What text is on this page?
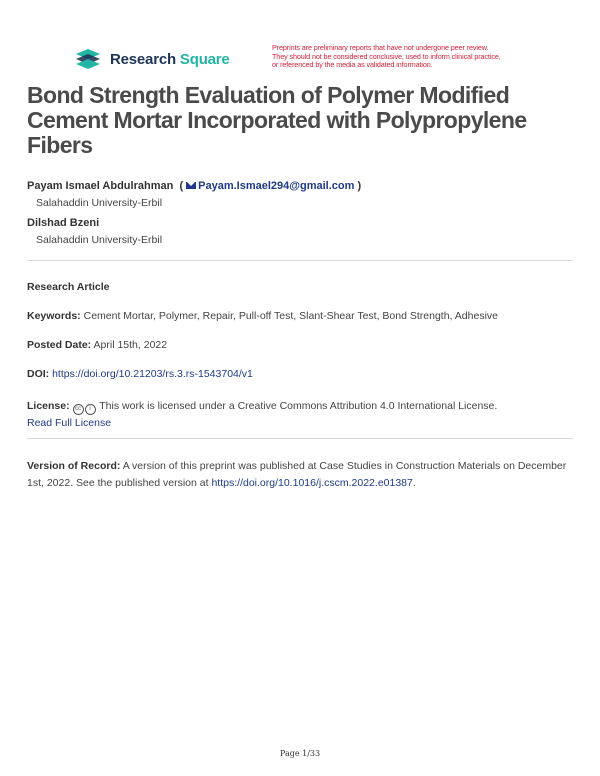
Research Square
Preprints are preliminary reports that have not undergone peer review.
They should not be considered conclusive, used to inform clinical practice,
or referenced by the media as validated information.
Bond Strength Evaluation of Polymer Modified Cement Mortar Incorporated with Polypropylene Fibers
Payam Ismael Abdulrahman  ( Payam.Ismael294@gmail.com )
Salahaddin University-Erbil
Dilshad Bzeni
Salahaddin University-Erbil
Research Article
Keywords: Cement Mortar, Polymer, Repair, Pull-off Test, Slant-Shear Test, Bond Strength, Adhesive
Posted Date: April 15th, 2022
DOI: https://doi.org/10.21203/rs.3.rs-1543704/v1
License: cc i This work is licensed under a Creative Commons Attribution 4.0 International License.
Read Full License
Version of Record: A version of this preprint was published at Case Studies in Construction Materials on December 1st, 2022. See the published version at https://doi.org/10.1016/j.cscm.2022.e01387.
Page 1/33
